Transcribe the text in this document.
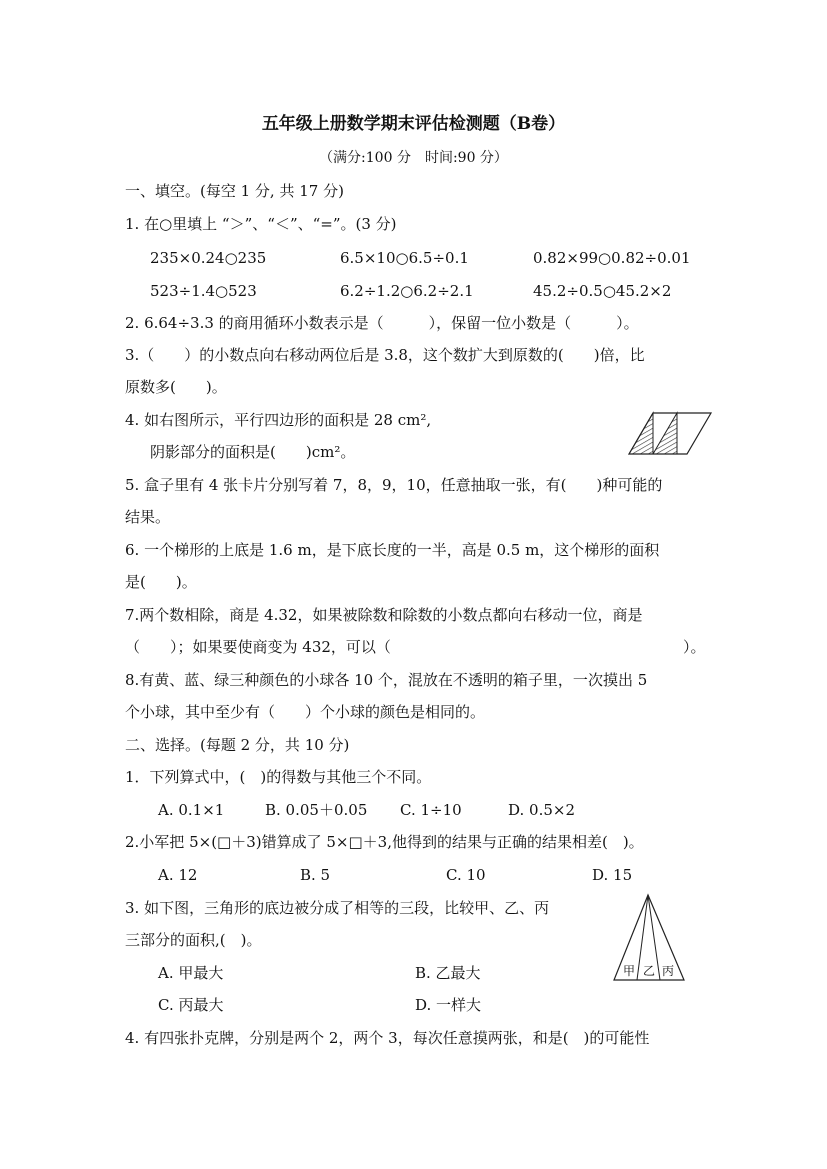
五年级上册数学期末评估检测题（B卷）
（满分:100 分　时间:90 分）
一、填空。(每空 1 分, 共 17 分)
1. 在○里填上 “＞”、“＜”、“=”。(3 分)
235×0.24○235	6.5×10○6.5÷0.1	0.82×99○0.82÷0.01
523÷1.4○523	6.2÷1.2○6.2÷2.1	45.2÷0.5○45.2×2
2. 6.64÷3.3 的商用循环小数表示是（　　　），保留一位小数是（　　　）。
3.（　　）的小数点向右移动两位后是 3.8，这个数扩大到原数的(　　)倍，比
原数多(　　)。
4. 如右图所示，平行四边形的面积是 28 cm²,
阴影部分的面积是(　　)cm²。
5. 盒子里有 4 张卡片分别写着 7，8，9，10，任意抽取一张，有(　　)种可能的
结果。
6. 一个梯形的上底是 1.6 m，是下底长度的一半，高是 0.5 m，这个梯形的面积
是(　　)。
7.两个数相除，商是 4.32，如果被除数和除数的小数点都向右移动一位，商是
（　　）；如果要使商变为 432，可以（	）。
8.有黄、蓝、绿三种颜色的小球各 10 个，混放在不透明的箱子里，一次摸出 5
个小球，其中至少有（　　）个小球的颜色是相同的。
二、选择。(每题 2 分，共 10 分)
1．下列算式中，(　)的得数与其他三个不同。
A. 0.1×1	B. 0.05＋0.05 C. 1÷10	D. 0.5×2
2.小军把 5×(□＋3)错算成了 5×□＋3,他得到的结果与正确的结果相差(　)。
A. 12	B. 5	C. 10	D. 15
3. 如下图，三角形的底边被分成了相等的三段，比较甲、乙、丙
三部分的面积,(　)。
A. 甲最大	B. 乙最大
C. 丙最大	D. 一样大
甲 乙 丙
4. 有四张扑克牌，分别是两个 2，两个 3，每次任意摸两张，和是(　)的可能性
